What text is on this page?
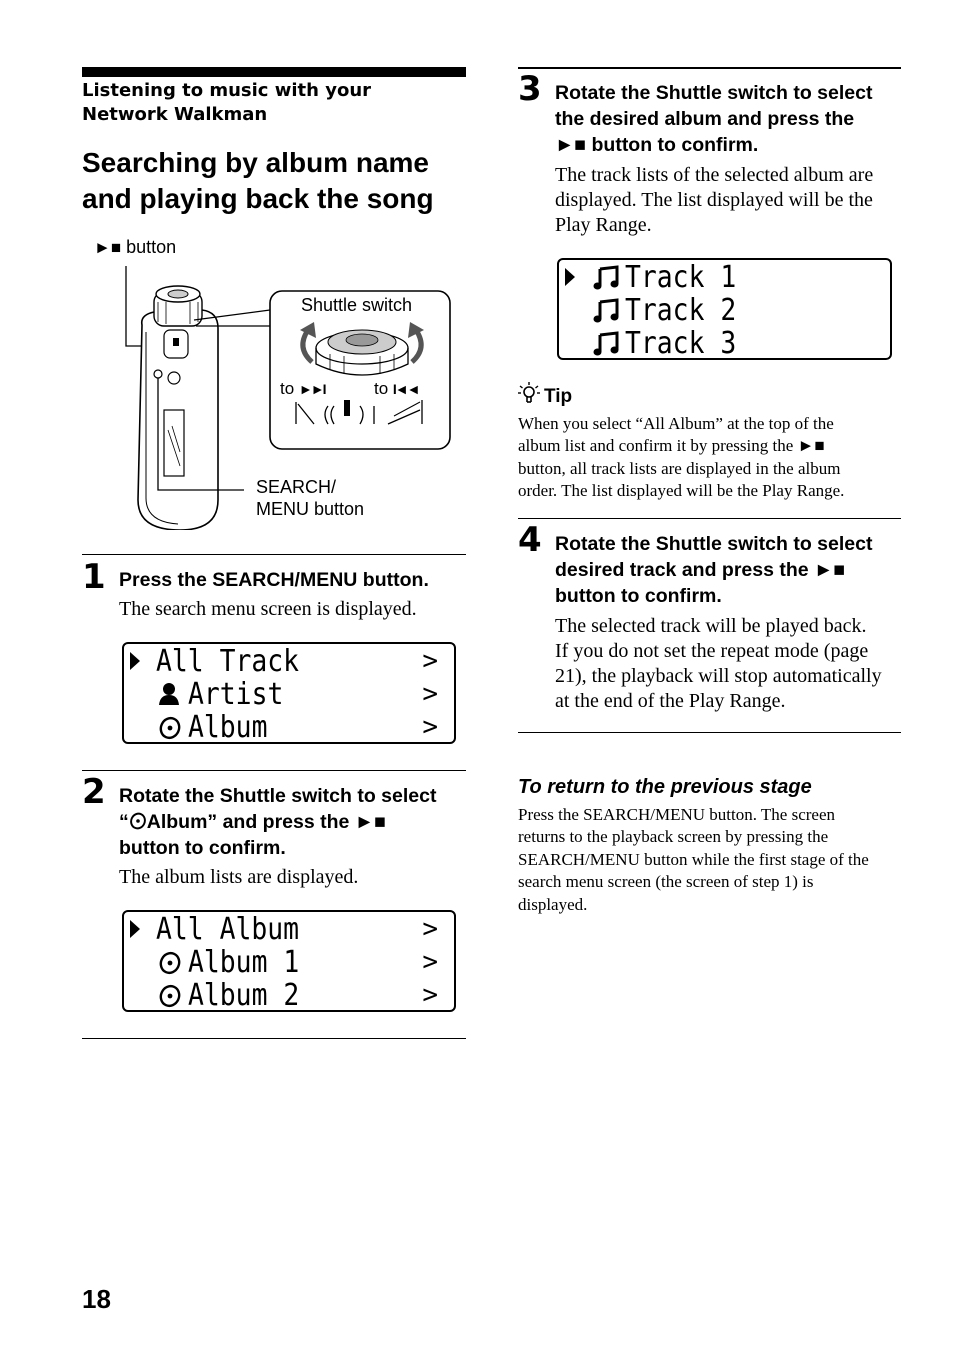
Listening to music with your
Network Walkman
Searching by album name
and playing back the song
►■ button
Shuttle switch
to ►►I	to I◄◄
SEARCH/
MENU button
1 Press the SEARCH/MENU button.
The search menu screen is displayed.
All Track	>
Artist	>
Album	>
2 Rotate the Shuttle switch to select
“ Album” and press the ►■
button to confirm.
The album lists are displayed.
All Album	>
Album 1	>
Album 2	>
18
3 Rotate the Shuttle switch to select
the desired album and press the
►■ button to confirm.
The track lists of the selected album are
displayed. The list displayed will be the
Play Range.
Track 1
Track 2
Track 3
Tip
When you select “All Album” at the top of the
album list and confirm it by pressing the ►■
button, all track lists are displayed in the album
order. The list displayed will be the Play Range.
4 Rotate the Shuttle switch to select
desired track and press the ►■
button to confirm.
The selected track will be played back.
If you do not set the repeat mode (page
21), the playback will stop automatically
at the end of the Play Range.
To return to the previous stage
Press the SEARCH/MENU button. The screen
returns to the playback screen by pressing the
SEARCH/MENU button while the first stage of the
search menu screen (the screen of step 1) is
displayed.
